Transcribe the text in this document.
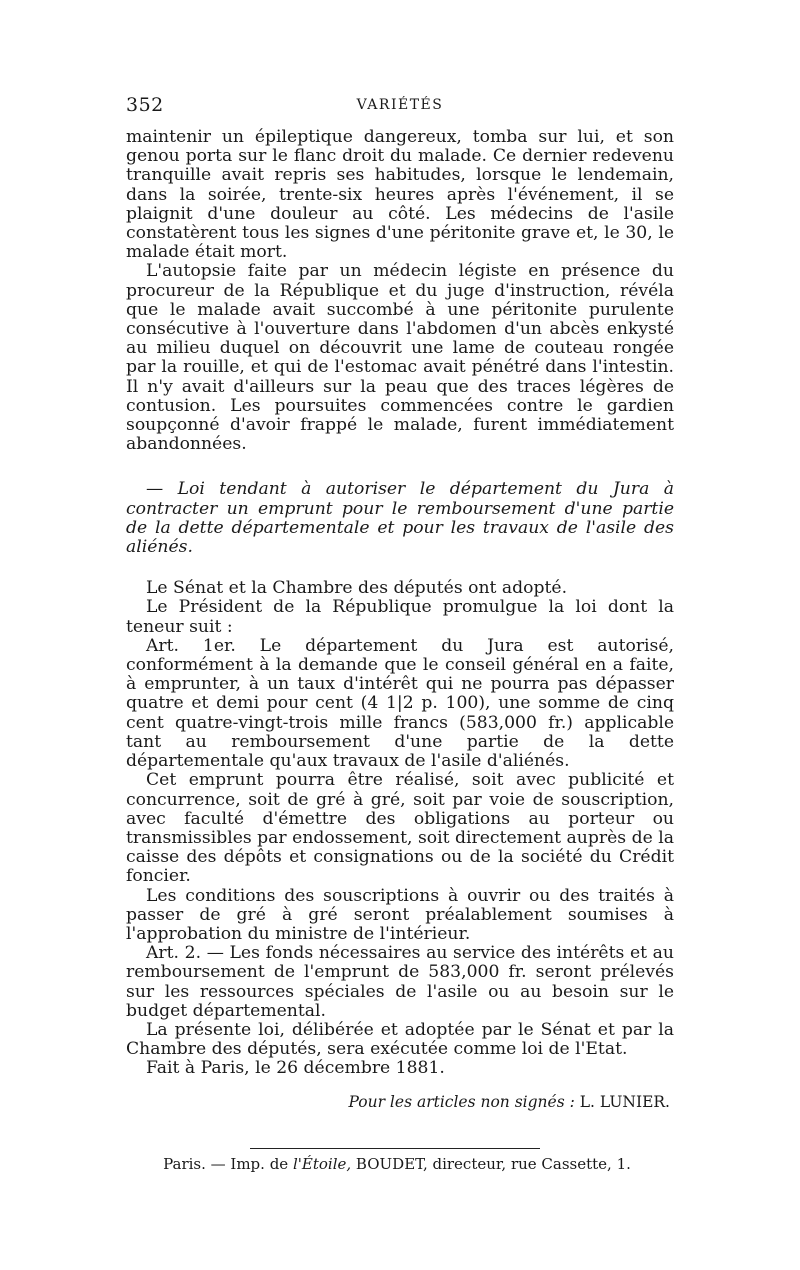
352	VARIÉTÉS

maintenir un épileptique dangereux, tomba sur lui, et son genou porta sur le flanc droit du malade. Ce dernier redevenu tranquille avait repris ses habitudes, lorsque le lendemain, dans la soirée, trente-six heures après l'événement, il se plaignit d'une douleur au côté. Les médecins de l'asile constatèrent tous les signes d'une péritonite grave et, le 30, le malade était mort.

L'autopsie faite par un médecin légiste en présence du procureur de la République et du juge d'instruction, révéla que le malade avait succombé à une péritonite purulente consécutive à l'ouverture dans l'abdomen d'un abcès enkysté au milieu duquel on découvrit une lame de couteau rongée par la rouille, et qui de l'estomac avait pénétré dans l'intestin. Il n'y avait d'ailleurs sur la peau que des traces légères de contusion. Les poursuites commencées contre le gardien soupçonné d'avoir frappé le malade, furent immédiatement abandonnées.

— Loi tendant à autoriser le département du Jura à contracter un emprunt pour le remboursement d'une partie de la dette départementale et pour les travaux de l'asile des aliénés.

Le Sénat et la Chambre des députés ont adopté.

Le Président de la République promulgue la loi dont la teneur suit :

Art. 1er. Le département du Jura est autorisé, conformément à la demande que le conseil général en a faite, à emprunter, à un taux d'intérêt qui ne pourra pas dépasser quatre et demi pour cent (4 1|2 p. 100), une somme de cinq cent quatre-vingt-trois mille francs (583,000 fr.) applicable tant au remboursement d'une partie de la dette départementale qu'aux travaux de l'asile d'aliénés.

Cet emprunt pourra être réalisé, soit avec publicité et concurrence, soit de gré à gré, soit par voie de souscription, avec faculté d'émettre des obligations au porteur ou transmissibles par endossement, soit directement auprès de la caisse des dépôts et consignations ou de la société du Crédit foncier.

Les conditions des souscriptions à ouvrir ou des traités à passer de gré à gré seront préalablement soumises à l'approbation du ministre de l'intérieur.

Art. 2. — Les fonds nécessaires au service des intérêts et au remboursement de l'emprunt de 583,000 fr. seront prélevés sur les ressources spéciales de l'asile ou au besoin sur le budget départemental.

La présente loi, délibérée et adoptée par le Sénat et par la Chambre des députés, sera exécutée comme loi de l'Etat.

Fait à Paris, le 26 décembre 1881.

Pour les articles non signés : L. LUNIER.

Paris. — Imp. de l'Étoile, BOUDET, directeur, rue Cassette, 1.
